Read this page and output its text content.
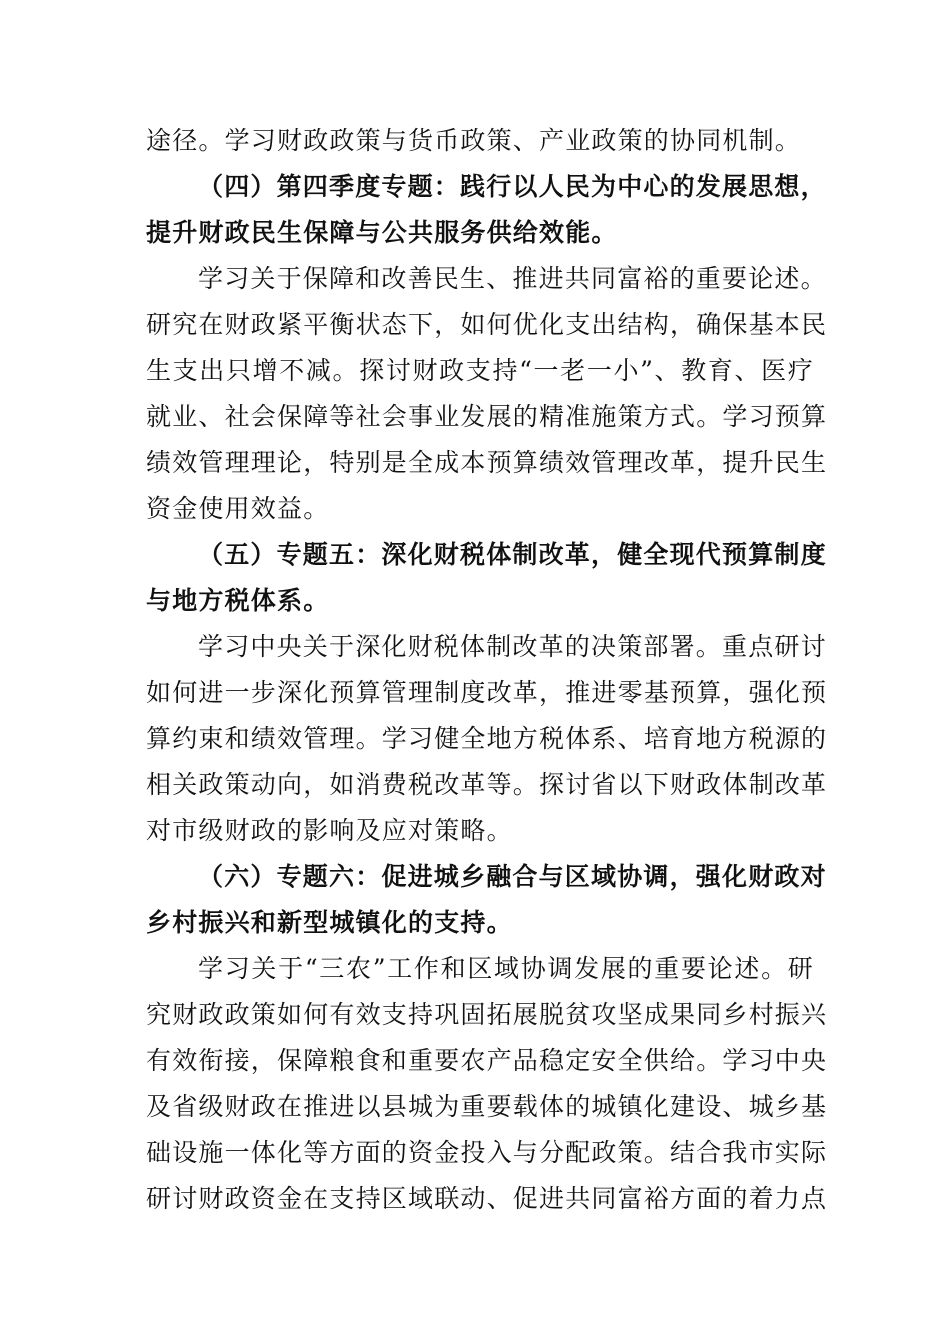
途径。学习财政政策与货币政策、产业政策的协同机制。
（四）第四季度专题：践行以人民为中心的发展思想，
提升财政民生保障与公共服务供给效能。
学习关于保障和改善民生、推进共同富裕的重要论述。
研究在财政紧平衡状态下，如何优化支出结构，确保基本民
生支出只增不减。探讨财政支持“一老一小”、教育、医疗
就业、社会保障等社会事业发展的精准施策方式。学习预算
绩效管理理论，特别是全成本预算绩效管理改革，提升民生
资金使用效益。
（五）专题五：深化财税体制改革，健全现代预算制度
与地方税体系。
学习中央关于深化财税体制改革的决策部署。重点研讨
如何进一步深化预算管理制度改革，推进零基预算，强化预
算约束和绩效管理。学习健全地方税体系、培育地方税源的
相关政策动向，如消费税改革等。探讨省以下财政体制改革
对市级财政的影响及应对策略。
（六）专题六：促进城乡融合与区域协调，强化财政对
乡村振兴和新型城镇化的支持。
学习关于“三农”工作和区域协调发展的重要论述。研
究财政政策如何有效支持巩固拓展脱贫攻坚成果同乡村振兴
有效衔接，保障粮食和重要农产品稳定安全供给。学习中央
及省级财政在推进以县城为重要载体的城镇化建设、城乡基
础设施一体化等方面的资金投入与分配政策。结合我市实际
研讨财政资金在支持区域联动、促进共同富裕方面的着力点
